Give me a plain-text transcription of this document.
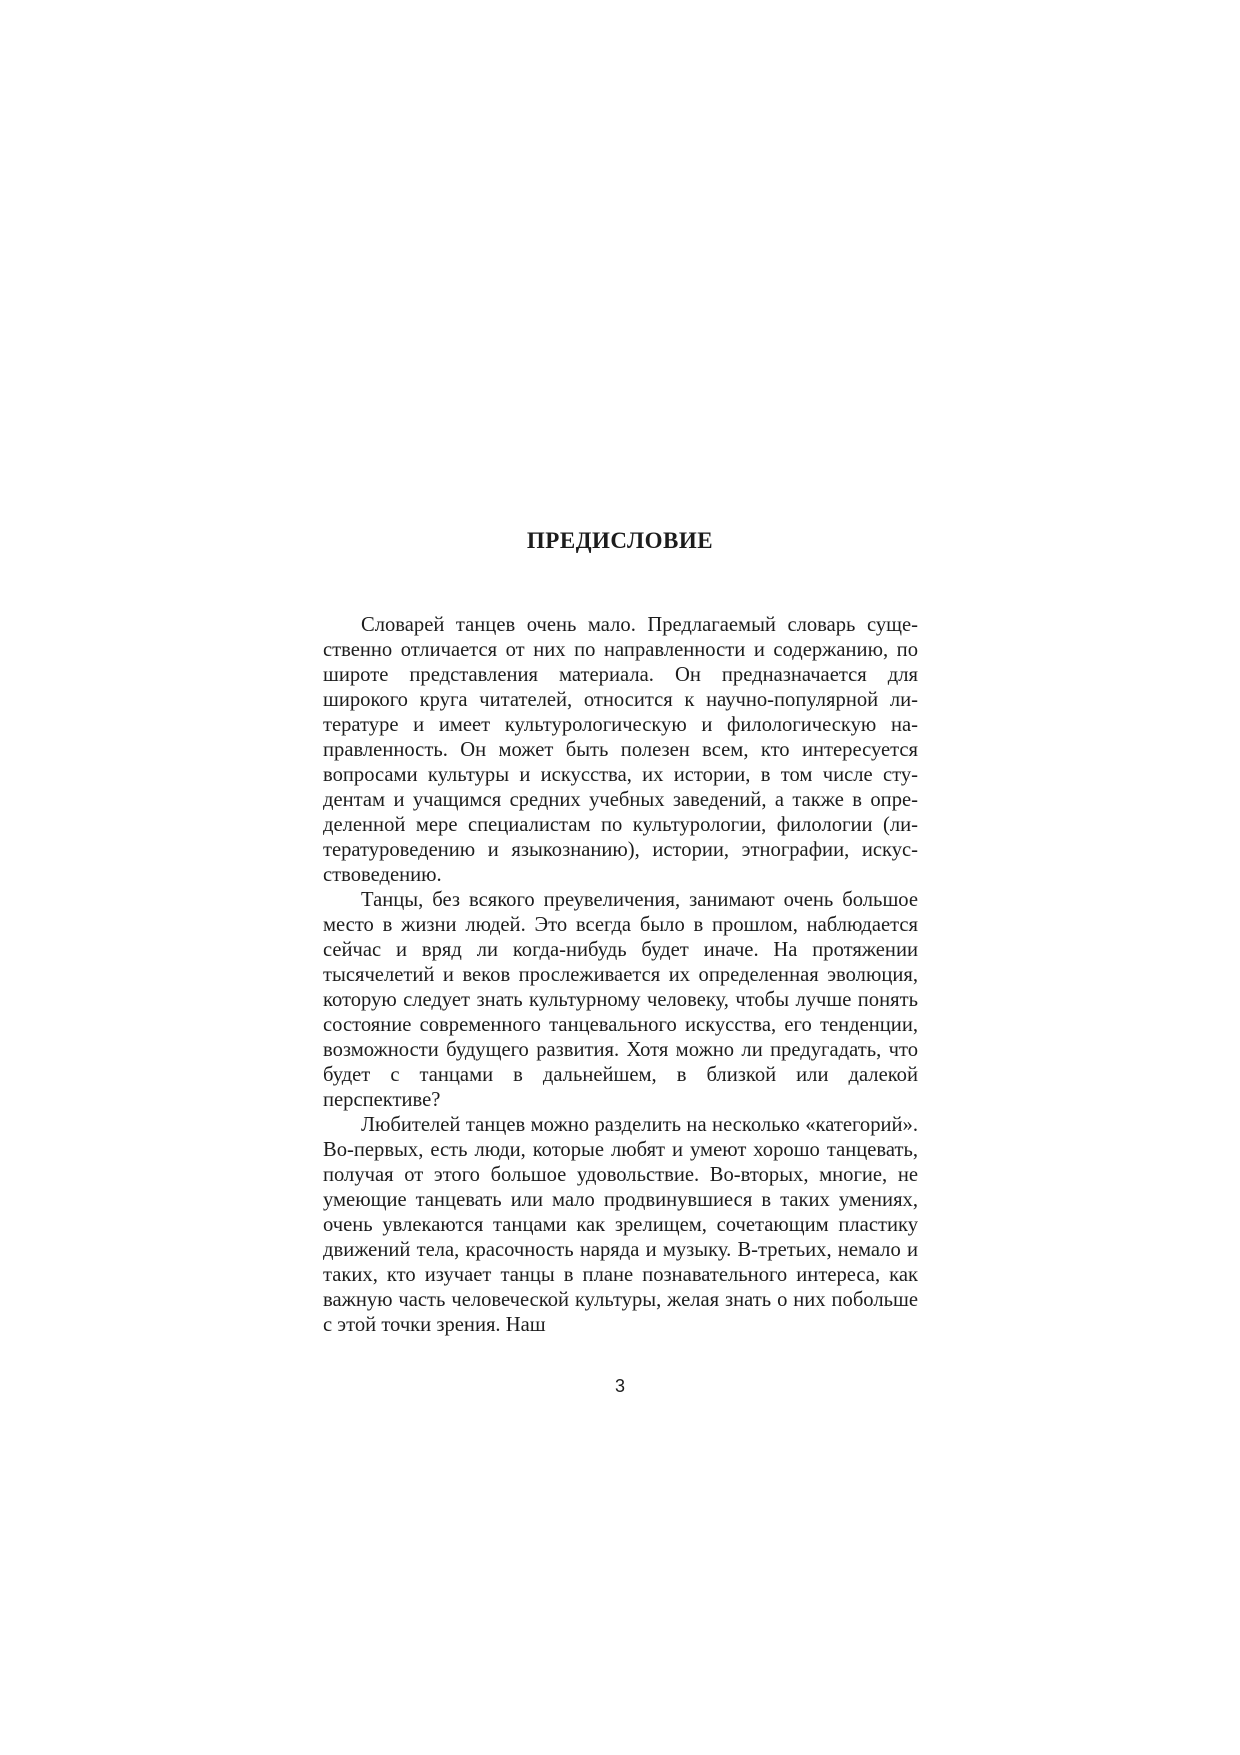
ПРЕДИСЛОВИЕ

Словарей танцев очень мало. Предлагаемый словарь существенно отличается от них по направленности и содержанию, по широте представления материала. Он предназначается для широкого круга читателей, относится к научно-популярной литературе и имеет культурологическую и филологическую направленность. Он может быть полезен всем, кто интересуется вопросами культуры и искусства, их истории, в том числе студентам и учащимся средних учебных заведений, а также в определенной мере специалистам по культурологии, филологии (литературоведению и языкознанию), истории, этнографии, искусствоведению.

Танцы, без всякого преувеличения, занимают очень большое место в жизни людей. Это всегда было в прошлом, наблюдается сейчас и вряд ли когда-нибудь будет иначе. На протяжении тысячелетий и веков прослеживается их определенная эволюция, которую следует знать культурному человеку, чтобы лучше понять состояние современного танцевального искусства, его тенденции, возможности будущего развития. Хотя можно ли предугадать, что будет с танцами в дальнейшем, в близкой или далекой перспективе?

Любителей танцев можно разделить на несколько «категорий». Во-первых, есть люди, которые любят и умеют хорошо танцевать, получая от этого большое удовольствие. Во-вторых, многие, не умеющие танцевать или мало продвинувшиеся в таких умениях, очень увлекаются танцами как зрелищем, сочетающим пластику движений тела, красочность наряда и музыку. В-третьих, немало и таких, кто изучает танцы в плане познавательного интереса, как важную часть человеческой культуры, желая знать о них побольше с этой точки зрения. Наш

3
